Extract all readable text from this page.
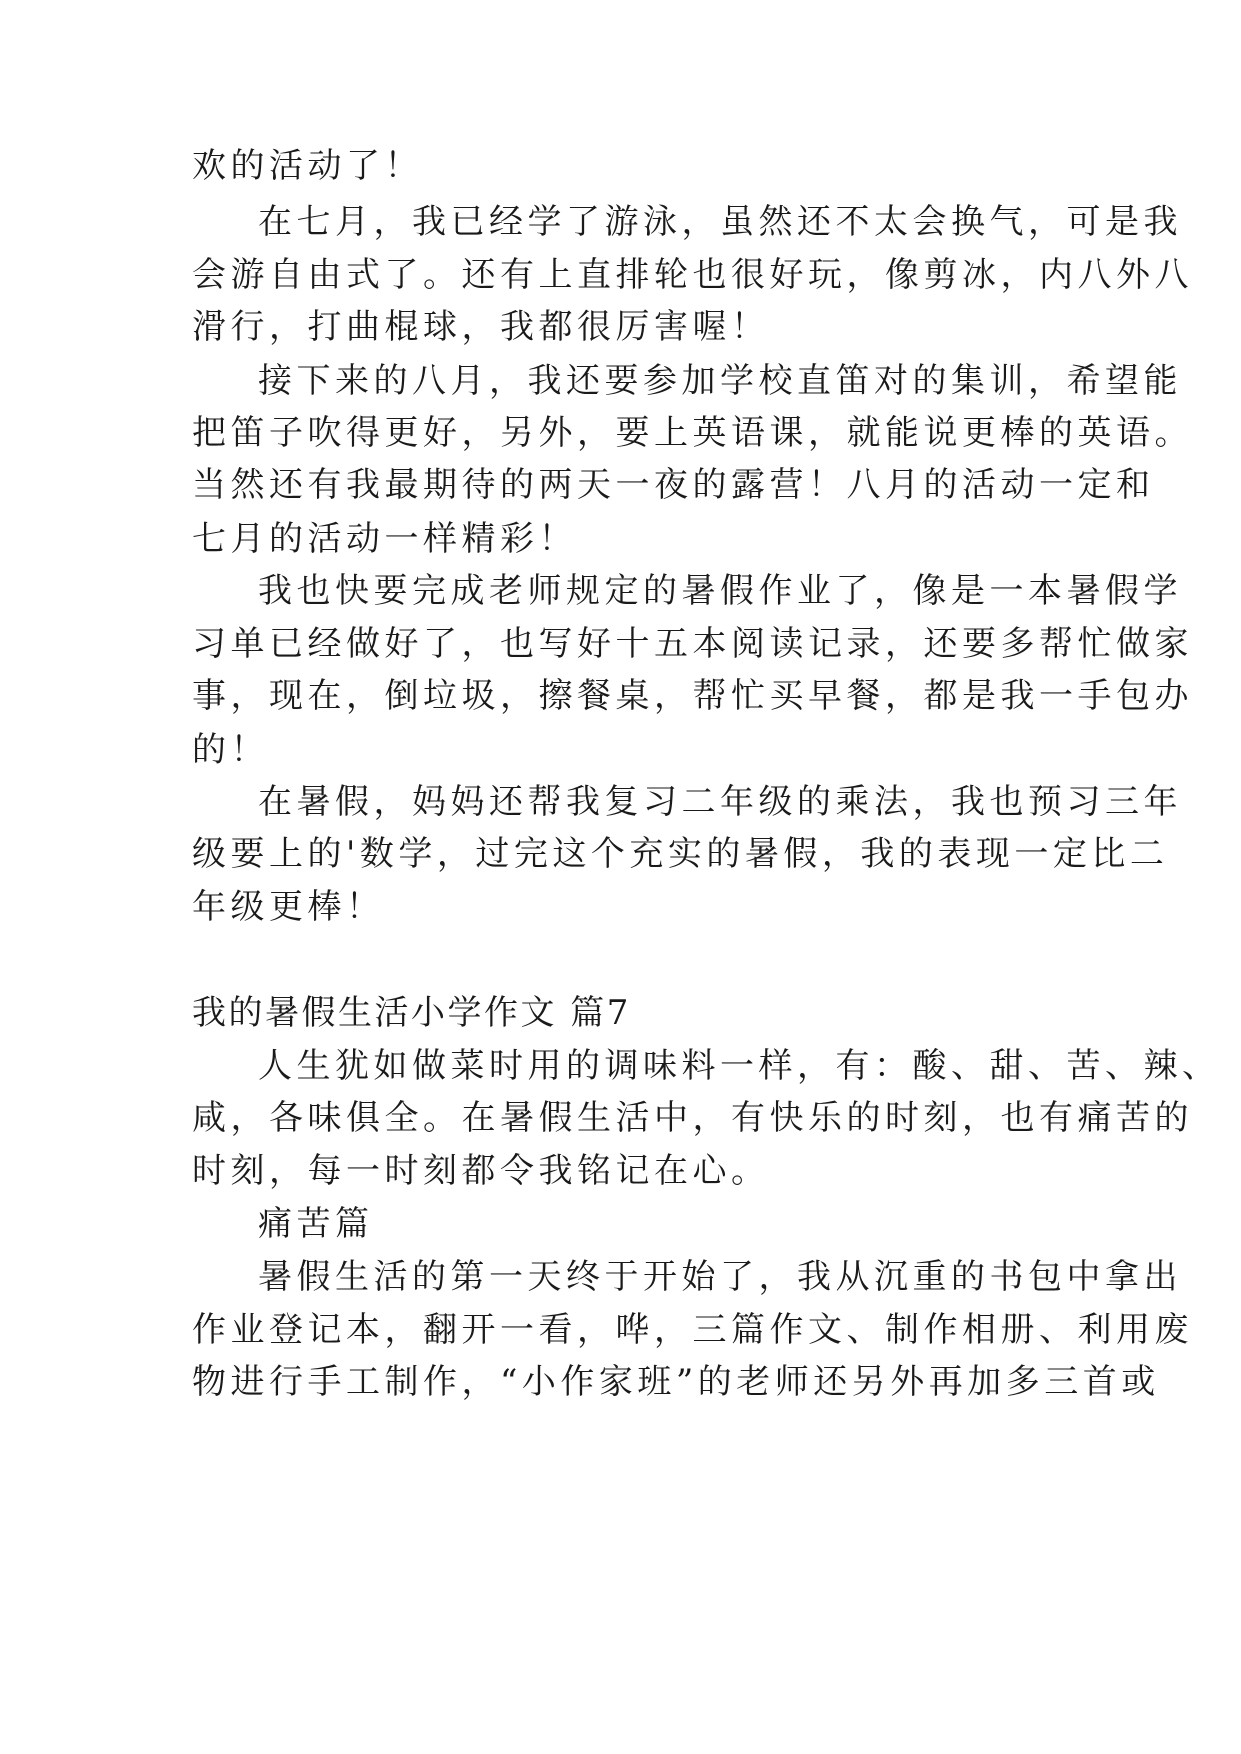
欢的活动了！
在七月，我已经学了游泳，虽然还不太会换气，可是我
会游自由式了。还有上直排轮也很好玩，像剪冰，内八外八
滑行，打曲棍球，我都很厉害喔！
接下来的八月，我还要参加学校直笛对的集训，希望能
把笛子吹得更好，另外，要上英语课，就能说更棒的英语。
当然还有我最期待的两天一夜的露营！八月的活动一定和
七月的活动一样精彩！
我也快要完成老师规定的暑假作业了，像是一本暑假学
习单已经做好了，也写好十五本阅读记录，还要多帮忙做家
事，现在，倒垃圾，擦餐桌，帮忙买早餐，都是我一手包办
的！
在暑假，妈妈还帮我复习二年级的乘法，我也预习三年
级要上的'数学，过完这个充实的暑假，我的表现一定比二
年级更棒！
我的暑假生活小学作文 篇7
人生犹如做菜时用的调味料一样，有：酸、甜、苦、辣、
咸，各味俱全。在暑假生活中，有快乐的时刻，也有痛苦的
时刻，每一时刻都令我铭记在心。
痛苦篇
暑假生活的第一天终于开始了，我从沉重的书包中拿出
作业登记本，翻开一看，哗，三篇作文、制作相册、利用废
物进行手工制作，“小作家班”的老师还另外再加多三首或
